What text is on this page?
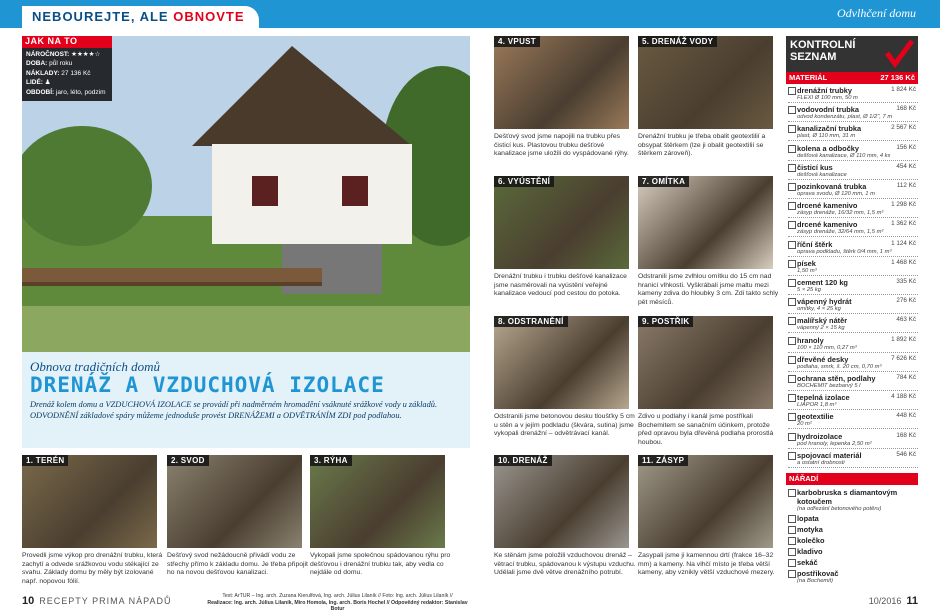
NEBOUREJTE, ALE OBNOVTE	Odvlhčení domu
JAK NA TO
NÁROČNOST: ★★★★☆
DOBA: půl roku
NÁKLADY: 27 136 Kč
LIDÉ: ♟
OBDOBÍ: jaro, léto, podzim
Obnova tradičních domů
DRENÁŽ A VZDUCHOVÁ IZOLACE
Drenáž kolem domu a VZDUCHOVÁ IZOLACE se provádí při nadměrném hromadění vsáknuté srážkové vody u základů. ODVODNĚNÍ základové spáry můžeme jednoduše provést DRENÁŽEMI a ODVĚTRÁNÍM ZDI pod podlahou.
1. TERÉN
Provedli jsme výkop pro drenážní trubku, která zachytí a odvede srážkovou vodu stékající ze svahu. Základy domu by měly být izolované např. nopovou fólií.
2. SVOD
Dešťový svod nežádoucně přivádí vodu ze střechy přímo k základu domu. Je třeba připojit ho na novou dešťovou kanalizaci.
3. RÝHA
Vykopali jsme společnou spádovanou rýhu pro dešťovou i drenážní trubku tak, aby vedla co nejdále od domu.
4. VPUST
Dešťový svod jsme napojili na trubku přes čisticí kus. Plastovou trubku dešťové kanalizace jsme uložili do vyspádované rýhy.
5. DRENÁŽ VODY
Drenážní trubku je třeba obalit geotextilií a obsypat štěrkem (lze ji obalit geotextilií se štěrkem zároveň).
6. VYÚSTĚNÍ
Drenážní trubku i trubku dešťové kanalizace jsme nasměrovali na vyústění veřejné kanalizace vedoucí pod cestou do potoka.
7. OMÍTKA
Odstranili jsme zvlhlou omítku do 15 cm nad hranicí vlhkosti. Vyškrábali jsme maltu mezi kameny zdiva do hloubky 3 cm. Zdi takto schly pět měsíců.
8. ODSTRANĚNÍ
Odstranili jsme betonovou desku tloušťky 5 cm u stěn a v jejím podkladu (škvára, sutina) jsme vykopali drenážní – odvětrávací kanál.
9. POSTŘIK
Zdivo u podlahy i kanál jsme postříkali Bochemitem se sanačním účinkem, protože před opravou byla dřevěná podlaha prorostlá houbou.
10. DRENÁŽ
Ke stěnám jsme položili vzduchovou drenáž – větrací trubku, spádovanou k výstupu vzduchu. Udělali jsme dvě větve drenážního potrubí.
11. ZÁSYP
Zasypali jsme ji kamennou drtí (frakce 16–32 mm) a kameny. Na vlhčí místo je třeba větší kameny, aby vznikly větší vzduchové mezery.
KONTROLNÍ
SEZNAM
MATERIÁL	27 136 Kč
drenážní trubky	1 824 Kč
FLEXI Ø 100 mm, 50 m
vodovodní trubka	168 Kč
odvod kondenzátu, plast, Ø 1/2", 7 m
kanalizační trubka	2 567 Kč
plast, Ø 110 mm, 31 m
kolena a odbočky	156 Kč
dešťová kanalizace, Ø 110 mm, 4 ks
čisticí kus	454 Kč
dešťová kanalizace
pozinkovaná trubka	112 Kč
oprava svodu, Ø 120 mm, 1 m
drcené kamenivo	1 298 Kč
zásyp drenáže, 16/32 mm, 1,5 m³
drcené kamenivo	1 362 Kč
zásyp drenáže, 32/64 mm, 1,5 m³
říční štěrk	1 124 Kč
oprava podkladu, štěrk 0/4 mm, 1 m³
písek	1 468 Kč
1,50 m³
cement 120 kg	335 Kč
5 × 25 kg
vápenný hydrát	276 Kč
omítky, 4 × 25 kg
malířský nátěr	463 Kč
vápenný 2 × 15 kg
hranoly	1 892 Kč
100 × 110 mm, 0,27 m³
dřevěné desky	7 626 Kč
podlaha, smrk, š. 20 cm, 0,70 m³
ochrana stěn, podlahy	784 Kč
BOCHEMIT bezbarvý 5 l
tepelná izolace	4 188 Kč
LIAPOR 1,8 m³
geotextilie	448 Kč
20 m²
hydroizolace	168 Kč
pod hranoly, lepenka 2,50 m²
spojovací materiál	546 Kč
a ostatní drobnosti
NÁŘADÍ
karbobruska s diamantovým kotoučem
(na odřezání betonového potěru)
lopata
motyka
kolečko
kladivo
sekáč
postřikovač
(na Bochemit)
10 RECEPTY PRIMA NÁPADŮ	Text: ArTUR – Ing. arch. Zuzana Kierulfová, Ing. arch. Július Lilaník // Foto: Ing. arch. Július Lilaník //
Realizace: Ing. arch. Július Lilaník, Miro Homola, Ing. arch. Boris Hochel // Odpovědný redaktor: Stanislav Botur
10/2016 11
